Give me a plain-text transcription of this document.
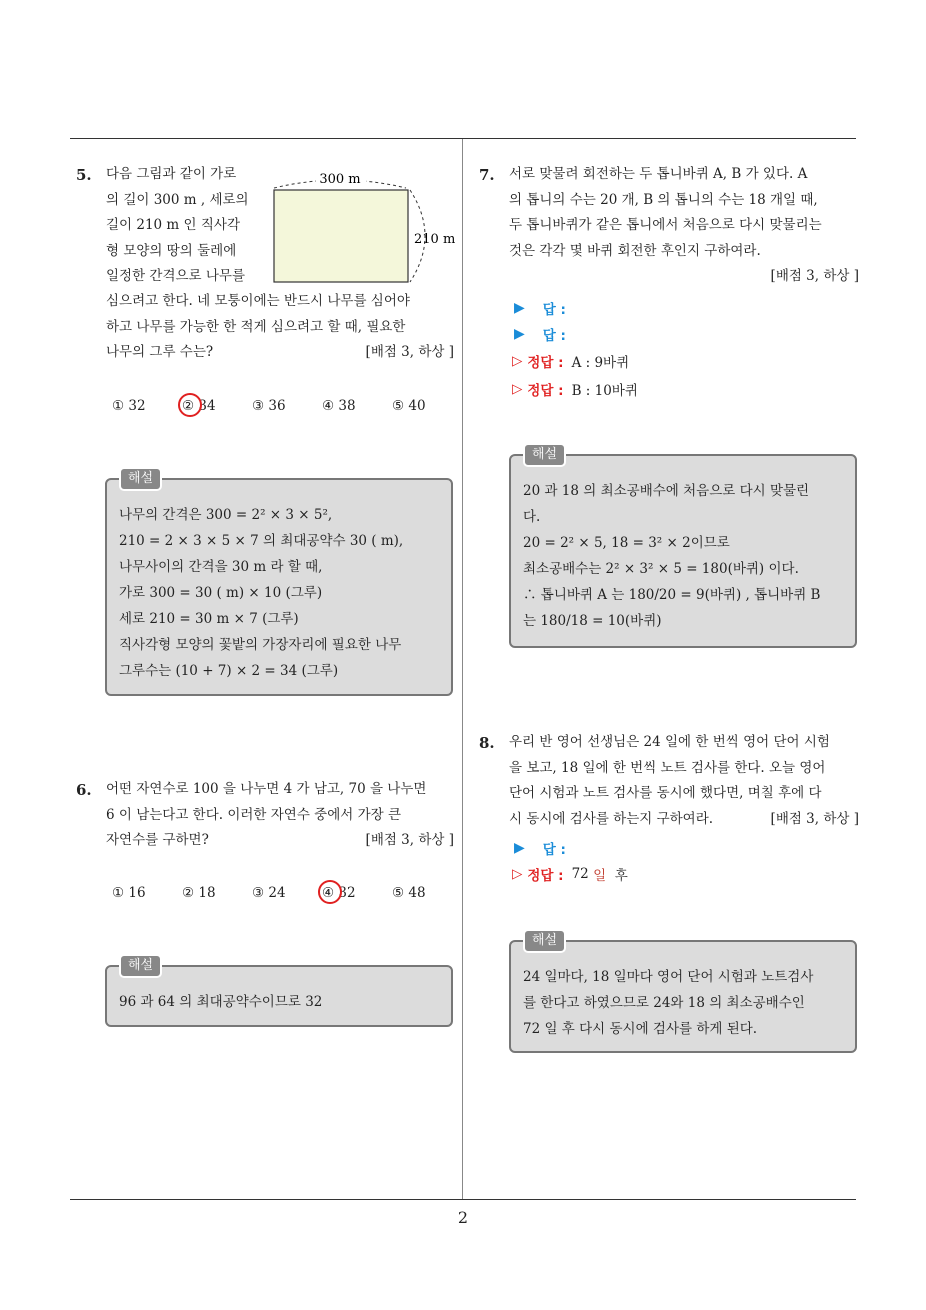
5. 다음 그림과 같이 가로
의 길이 300 m , 세로의
길이 210 m 인 직사각
형 모양의 땅의 둘레에
일정한 간격으로 나무를
300 m
210 m
심으려고 한다. 네 모퉁이에는 반드시 나무를 심어야
하고 나무를 가능한 한 적게 심으려고 할 때, 필요한
나무의 그루 수는?	[배점 3, 하상 ]
① 32	② 34	③ 36	④ 38	⑤ 40
해설
나무의 간격은 300 = 2² × 3 × 5²,
210 = 2 × 3 × 5 × 7 의 최대공약수 30 ( m),
나무사이의 간격을 30 m 라 할 때,
가로 300 = 30 ( m) × 10 (그루)
세로 210 = 30 m × 7 (그루)
직사각형 모양의 꽃밭의 가장자리에 필요한 나무
그루수는 (10 + 7) × 2 = 34 (그루)
6. 어떤 자연수로 100 을 나누면 4 가 남고, 70 을 나누면
6 이 남는다고 한다. 이러한 자연수 중에서 가장 큰
자연수를 구하면?	[배점 3, 하상 ]
① 16	② 18	③ 24	④ 32	⑤ 48
해설
96 과 64 의 최대공약수이므로 32
7. 서로 맞물려 회전하는 두 톱니바퀴 A, B 가 있다. A
의 톱니의 수는 20 개, B 의 톱니의 수는 18 개일 때,
두 톱니바퀴가 같은 톱니에서 처음으로 다시 맞물리는
것은 각각 몇 바퀴 회전한 후인지 구하여라.
[배점 3, 하상 ]
▶ 답 :
▶ 답 :
▷ 정답 : A : 9바퀴
▷ 정답 : B : 10바퀴
해설
20 과 18 의 최소공배수에 처음으로 다시 맞물린
다.
20 = 2² × 5, 18 = 3² × 2이므로
최소공배수는 2² × 3² × 5 = 180(바퀴) 이다.
∴ 톱니바퀴 A 는 180/20 = 9(바퀴) , 톱니바퀴 B
는 180/18 = 10(바퀴)
8. 우리 반 영어 선생님은 24 일에 한 번씩 영어 단어 시험
을 보고, 18 일에 한 번씩 노트 검사를 한다. 오늘 영어
단어 시험과 노트 검사를 동시에 했다면, 며칠 후에 다
시 동시에 검사를 하는지 구하여라.	[배점 3, 하상 ]
▶ 답 :
▷ 정답 : 72
일
후
해설
24 일마다, 18 일마다 영어 단어 시험과 노트검사
를 한다고 하였으므로 24와 18 의 최소공배수인
72 일 후 다시 동시에 검사를 하게 된다.
2
